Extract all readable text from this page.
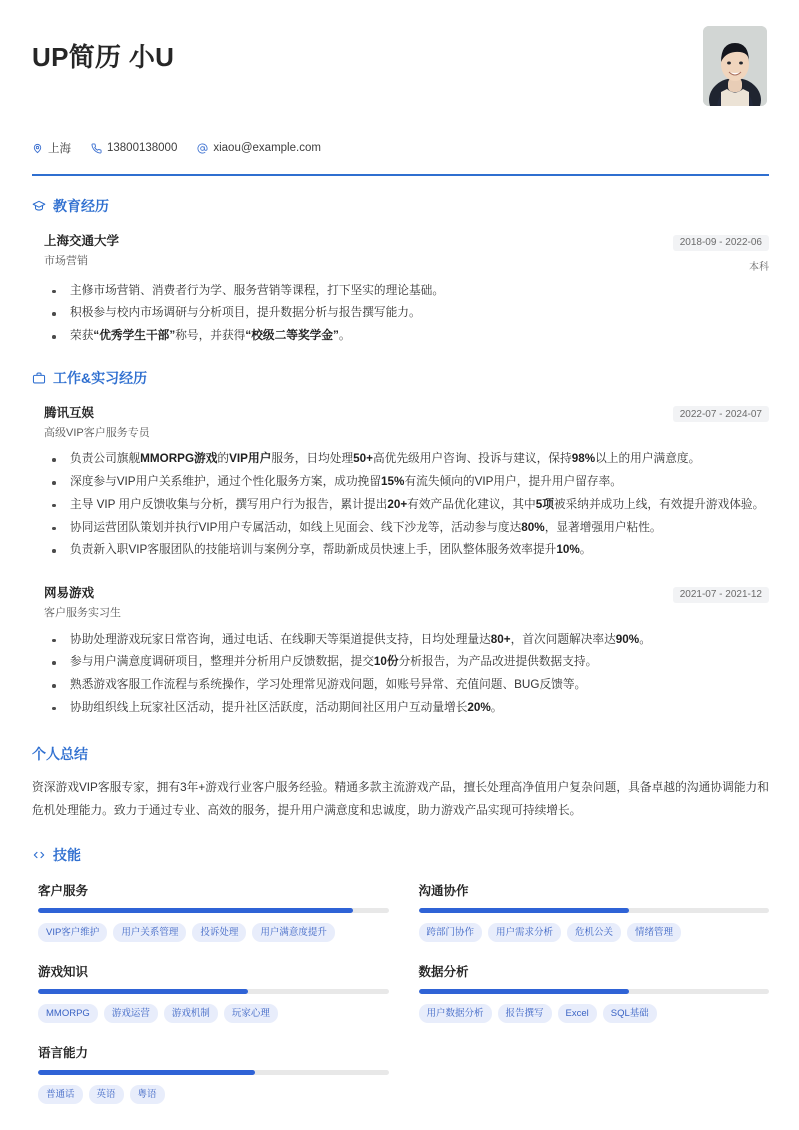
UP简历 小U
上海	13800138000	xiaou@example.com
教育经历
上海交通大学
市场营销
2018-09 - 2022-06
本科
主修市场营销、消费者行为学、服务营销等课程，打下坚实的理论基础。
积极参与校内市场调研与分析项目，提升数据分析与报告撰写能力。
荣获“优秀学生干部”称号，并获得“校级二等奖学金”。
工作&实习经历
腾讯互娱
高级VIP客户服务专员
2022-07 - 2024-07
负责公司旗舰MMORPG游戏的VIP用户服务，日均处理50+高优先级用户咨询、投诉与建议，保持98%以上的用户满意度。
深度参与VIP用户关系维护，通过个性化服务方案，成功挽留15%有流失倾向的VIP用户，提升用户留存率。
主导 VIP 用户反馈收集与分析，撰写用户行为报告，累计提出20+有效产品优化建议，其中5项被采纳并成功上线，有效提升游戏体验。
协同运营团队策划并执行VIP用户专属活动，如线上见面会、线下沙龙等，活动参与度达80%，显著增强用户粘性。
负责新入职VIP客服团队的技能培训与案例分享，帮助新成员快速上手，团队整体服务效率提升10%。
网易游戏
客户服务实习生
2021-07 - 2021-12
协助处理游戏玩家日常咨询，通过电话、在线聊天等渠道提供支持，日均处理量达80+，首次问题解决率达90%。
参与用户满意度调研项目，整理并分析用户反馈数据，提交10份分析报告，为产品改进提供数据支持。
熟悉游戏客服工作流程与系统操作，学习处理常见游戏问题，如账号异常、充值问题、BUG反馈等。
协助组织线上玩家社区活动，提升社区活跃度，活动期间社区用户互动量增长20%。
个人总结
资深游戏VIP客服专家，拥有3年+游戏行业客户服务经验。精通多款主流游戏产品，擅长处理高净值用户复杂问题，具备卓越的沟通协调能力和危机处理能力。致力于通过专业、高效的服务，提升用户满意度和忠诚度，助力游戏产品实现可持续增长。
技能
客户服务
VIP客户维护	用户关系管理	投诉处理	用户满意度提升
沟通协作
跨部门协作	用户需求分析	危机公关	情绪管理
游戏知识
MMORPG	游戏运营	游戏机制	玩家心理
数据分析
用户数据分析	报告撰写	Excel	SQL基础
语言能力
普通话	英语	粤语
